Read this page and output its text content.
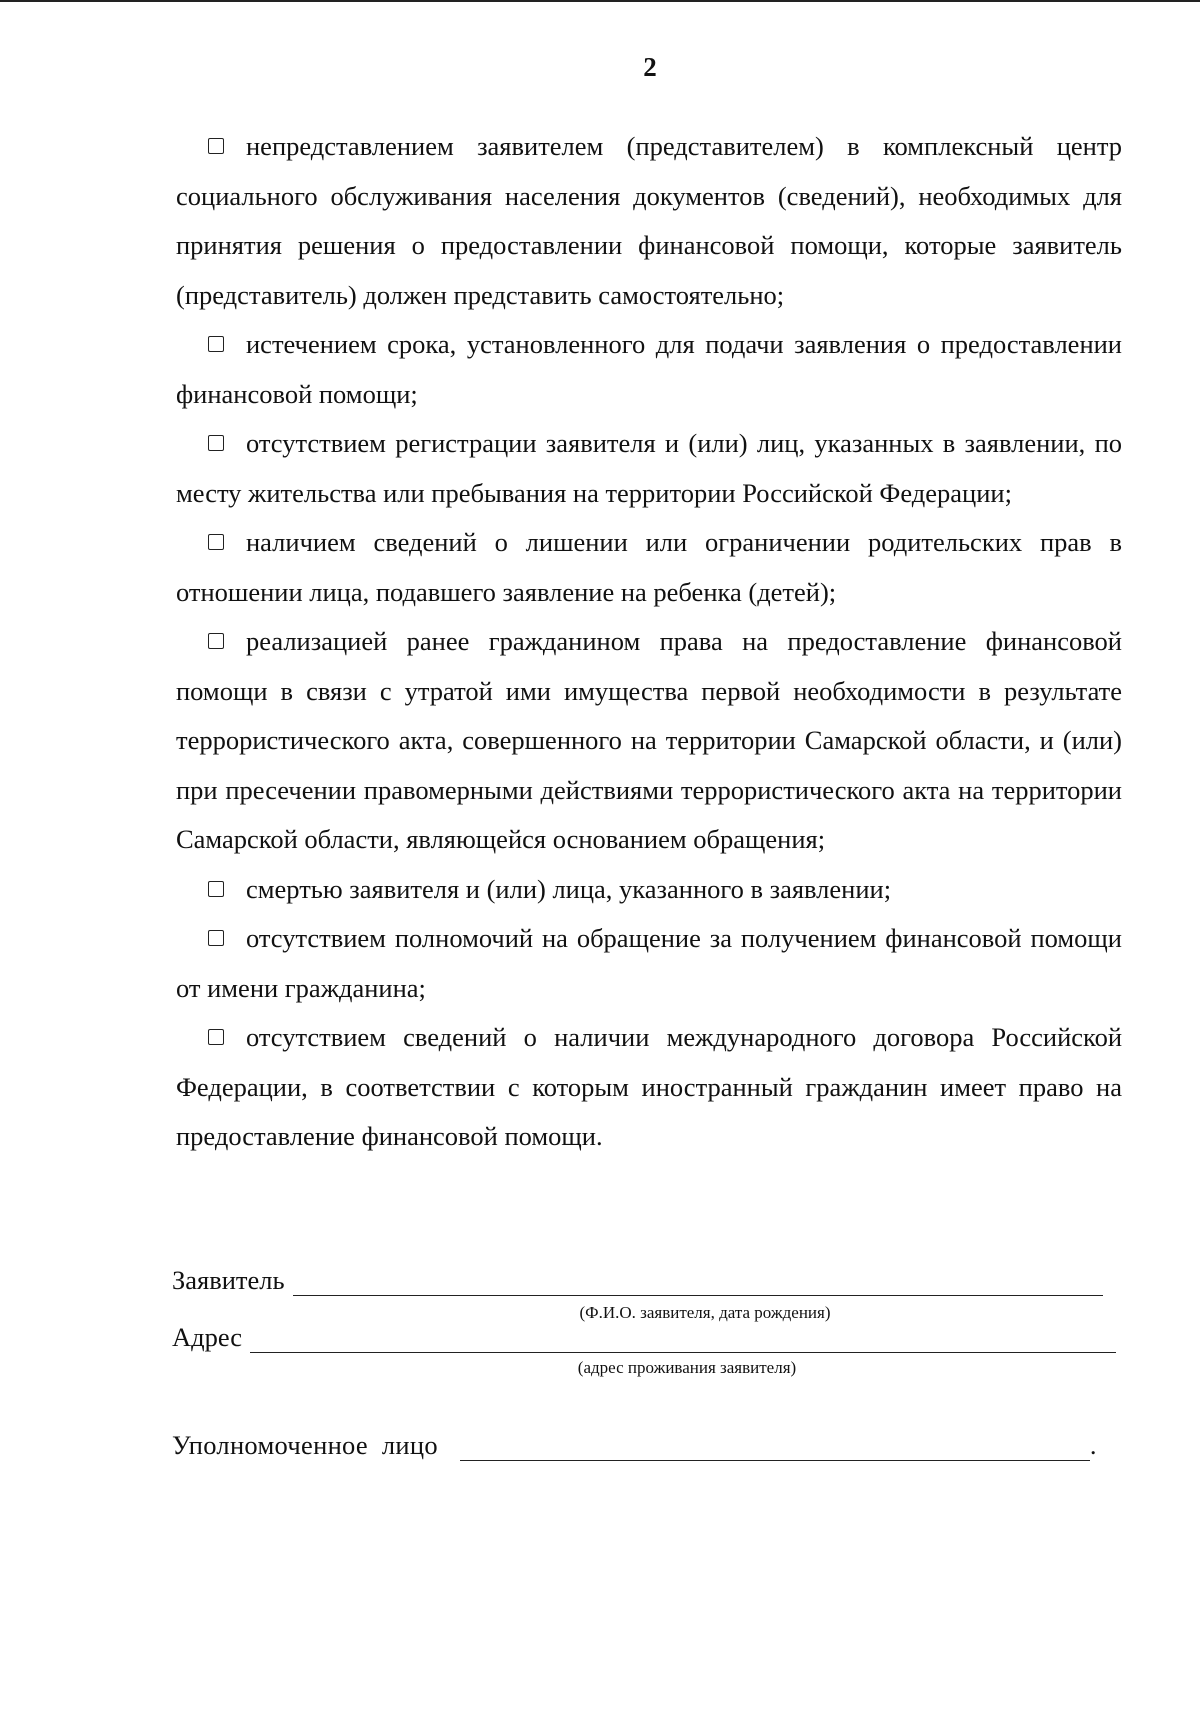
2

непредставлением заявителем (представителем) в комплексный центр социального обслуживания населения документов (сведений), необходимых для принятия решения о предоставлении финансовой помощи, которые заявитель (представитель) должен представить самостоятельно;

истечением срока, установленного для подачи заявления о предоставлении финансовой помощи;

отсутствием регистрации заявителя и (или) лиц, указанных в заявлении, по месту жительства или пребывания на территории Российской Федерации;

наличием сведений о лишении или ограничении родительских прав в отношении лица, подавшего заявление на ребенка (детей);

реализацией ранее гражданином права на предоставление финансовой помощи в связи с утратой ими имущества первой необходимости в результате террористического акта, совершенного на территории Самарской области, и (или) при пресечении правомерными действиями террористического акта на территории Самарской области, являющейся основанием обращения;

смертью заявителя и (или) лица, указанного в заявлении;

отсутствием полномочий на обращение за получением финансовой помощи от имени гражданина;

отсутствием сведений о наличии международного договора Российской Федерации, в соответствии с которым иностранный гражданин имеет право на предоставление финансовой помощи.

Заявитель
(Ф.И.О. заявителя, дата рождения)
Адрес
(адрес проживания заявителя)
Уполномоченное  лицо	.
